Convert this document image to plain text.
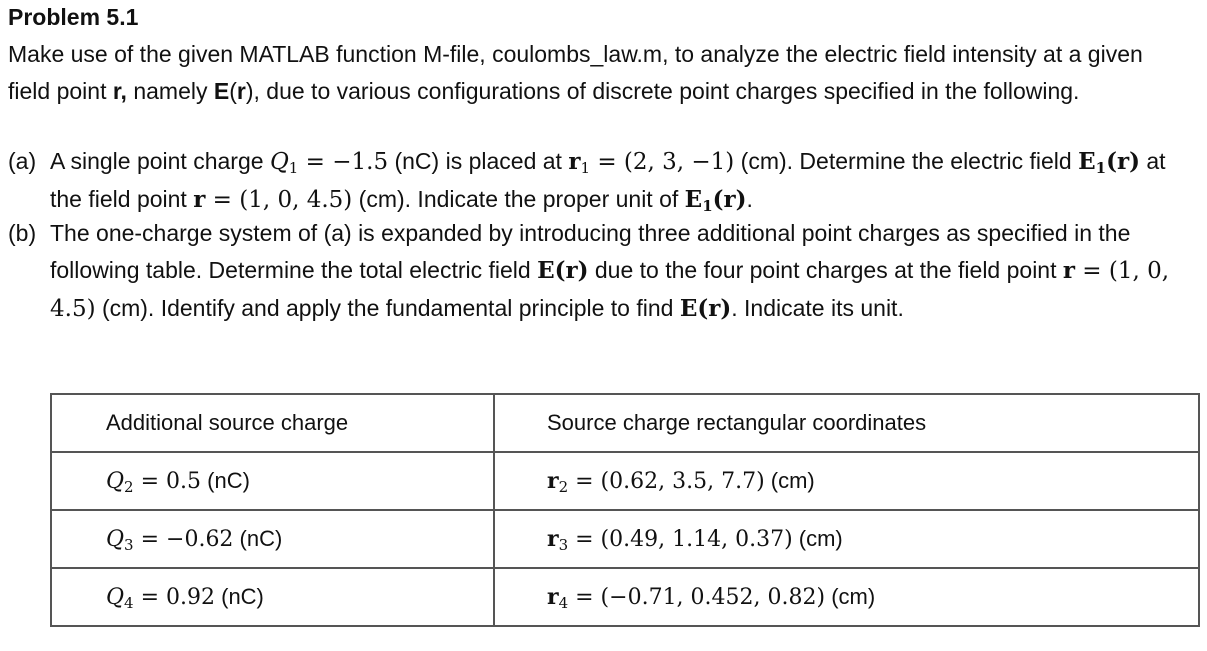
Problem 5.1
Make use of the given MATLAB function M-file, coulombs_law.m, to analyze the electric field intensity at a given field point r, namely E(r), due to various configurations of discrete point charges specified in the following.
(a) A single point charge $Q_1 = -1.5$ (nC) is placed at $r_1 = (2$, 3, −1) (cm). Determine the electric field $E_1(r)$ at the field point r = (1, 0, 4.5) (cm). Indicate the proper unit of $E_1(r)$.
(b) The one-charge system of (a) is expanded by introducing three additional point charges as specified in the following table. Determine the total electric field E(r) due to the four point charges at the field point r = (1, 0, 4.5) (cm). Identify and apply the fundamental principle to find E(r). Indicate its unit.
Additional source charge	Source charge rectangular coordinates
$Q_2 = 0.5$ (nC)	$r_2 = (0.62$, 3.5, 7.7) (cm)
$Q_3 = -0.62$ (nC)	$r_3 = (0.49$, 1.14, 0.37) (cm)
$Q_4 = 0.92$ (nC)	$r_4 = (-0.71$, 0.452, 0.82) (cm)
